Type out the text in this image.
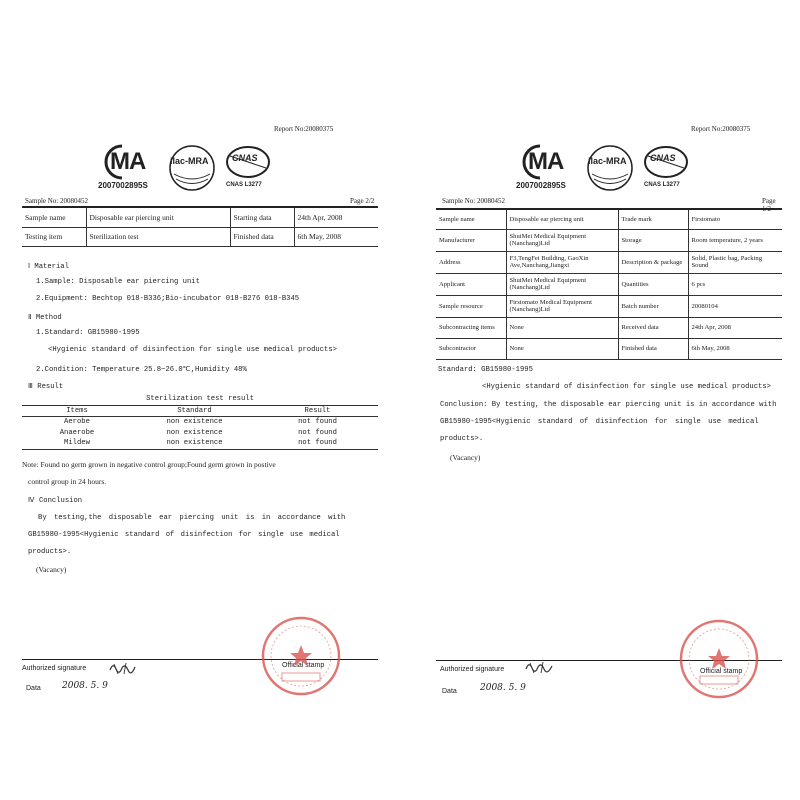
Report No:20080375
MA
2007002895S
ilac-MRA	CNAS
CNAS L3277
Sample No: 20080452	Page 2/2
Sample name	Disposable ear piercing unit	Starting data	24th Apr, 2008
Testing item	Sterilization test	Finished data	6th May, 2008
Ⅰ Material
1.Sample: Disposable ear piercing unit
2.Equipment: Bechtop 018-B336;Bio-incubator 018-B276 018-B345
Ⅱ Method
1.Standard: GB15980-1995
<Hygienic standard of disinfection for single use medical products>
2.Condition: Temperature 25.8~26.0℃,Humidity 48%
Ⅲ Result
Sterilization test result		
Items	Standard	Result
Aerobe	non existence	not found
Anaerobe	non existence	not found
Mildew	non existence	not found
Note: Found no germ grown in negative control group;Found germ grown in postive
control group in 24 hours.
Ⅳ Conclusion
By testing,the disposable ear piercing unit is in accordance with
GB15980-1995<Hygienic standard of disinfection for single use medical
products>.
(Vacancy)
Authorized signature	Official stamp
Data 2008. 5. 9
Report No:20080375
MA
2007002895S
ilac-MRA	CNAS
CNAS L3277
Sample No: 20080452	Page 1/2
Sample name	Disposable ear piercing unit	Trade mark	Firstomato
Manufacturer	ShuiMei Medical Equipment (Nanchang)Ltd	Storage	Room temperature, 2 years
Address	F3,TengFei Building, GaoXin Ave,Nanchang,Jiangxi	Description & package	Solid, Plastic bag, Packing Sound
Applicant	ShuiMei Medical Equipment (Nanchang)Ltd	Quantities	6 pcs
Sample resource	Firstomato Medical Equipment (Nanchang)Ltd	Batch number	20080104
Subcontracting items	None	Received data	24th Apr, 2008
Subcontractor	None	Finished data	6th May, 2008
Standard: GB15980-1995
<Hygienic standard of disinfection for single use medical products>
Conclusion: By testing, the disposable ear piercing unit is in accordance with
GB15980-1995<Hygienic standard of disinfection for single use medical
products>.
(Vacancy)
Authorized signature	Official stamp
Data	2008. 5. 9
